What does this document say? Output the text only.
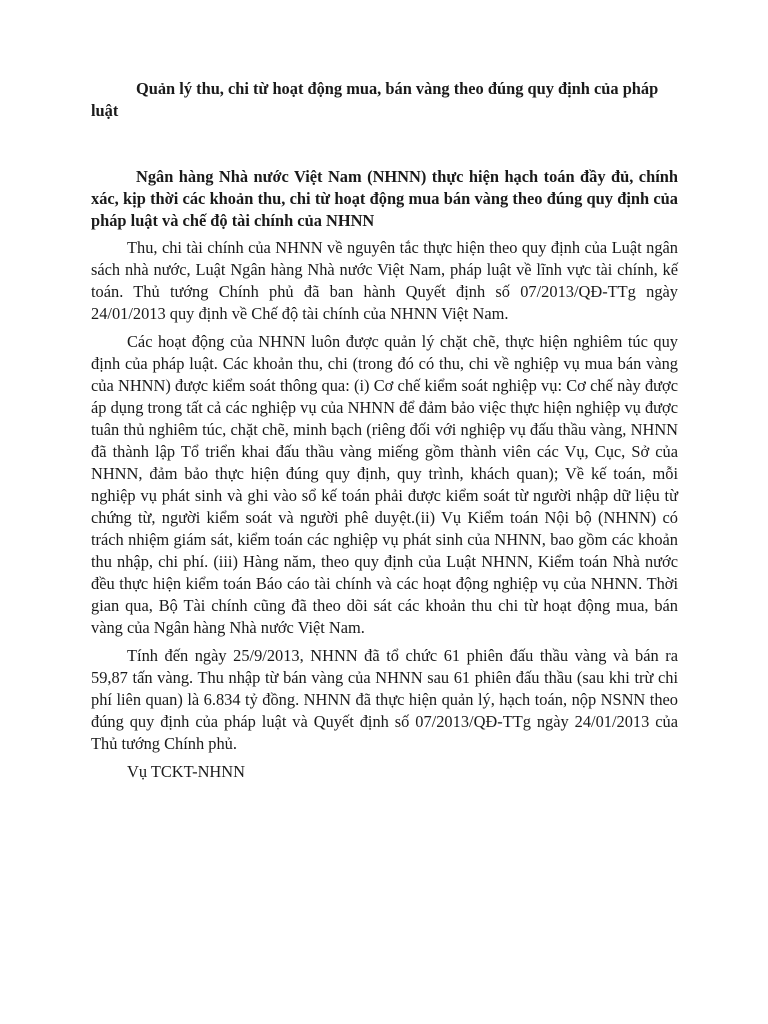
Quản lý thu, chi từ hoạt động mua, bán vàng theo đúng quy định của pháp luật

Ngân hàng Nhà nước Việt Nam (NHNN) thực hiện hạch toán đầy đủ, chính xác, kịp thời các khoản thu, chi từ hoạt động mua bán vàng theo đúng quy định của pháp luật và chế độ tài chính của NHNN

Thu, chi tài chính của NHNN về nguyên tắc thực hiện theo quy định của Luật ngân sách nhà nước, Luật Ngân hàng Nhà nước Việt Nam, pháp luật về lĩnh vực tài chính, kế toán. Thủ tướng Chính phủ đã ban hành Quyết định số 07/2013/QĐ-TTg ngày 24/01/2013 quy định về Chế độ tài chính của NHNN Việt Nam.

Các hoạt động của NHNN luôn được quản lý chặt chẽ, thực hiện nghiêm túc quy định của pháp luật. Các khoản thu, chi (trong đó có thu, chi về nghiệp vụ mua bán vàng của NHNN) được kiểm soát thông qua: (i) Cơ chế kiểm soát nghiệp vụ: Cơ chế này được áp dụng trong tất cả các nghiệp vụ của NHNN để đảm bảo việc thực hiện nghiệp vụ được tuân thủ nghiêm túc, chặt chẽ, minh bạch (riêng đối với nghiệp vụ đấu thầu vàng, NHNN đã thành lập Tổ triển khai đấu thầu vàng miếng gồm thành viên các Vụ, Cục, Sở của NHNN, đảm bảo thực hiện đúng quy định, quy trình, khách quan); Về kế toán, mỗi nghiệp vụ phát sinh và ghi vào sổ kế toán phải được kiểm soát từ người nhập dữ liệu từ chứng từ, người kiểm soát và người phê duyệt.(ii) Vụ Kiểm toán Nội bộ (NHNN) có trách nhiệm giám sát, kiểm toán các nghiệp vụ phát sinh của NHNN, bao gồm các khoản thu nhập, chi phí. (iii) Hàng năm, theo quy định của Luật NHNN, Kiểm toán Nhà nước đều thực hiện kiểm toán Báo cáo tài chính và các hoạt động nghiệp vụ của NHNN. Thời gian qua, Bộ Tài chính cũng đã theo dõi sát các khoản thu chi từ hoạt động mua, bán vàng của Ngân hàng Nhà nước Việt Nam.

Tính đến ngày 25/9/2013, NHNN đã tổ chức 61 phiên đấu thầu vàng và bán ra 59,87 tấn vàng. Thu nhập từ bán vàng của NHNN sau 61 phiên đấu thầu (sau khi trừ chi phí liên quan) là 6.834 tỷ đồng. NHNN đã thực hiện quản lý, hạch toán, nộp NSNN theo đúng quy định của pháp luật và Quyết định số 07/2013/QĐ-TTg ngày 24/01/2013 của Thủ tướng Chính phủ.

Vụ TCKT-NHNN
